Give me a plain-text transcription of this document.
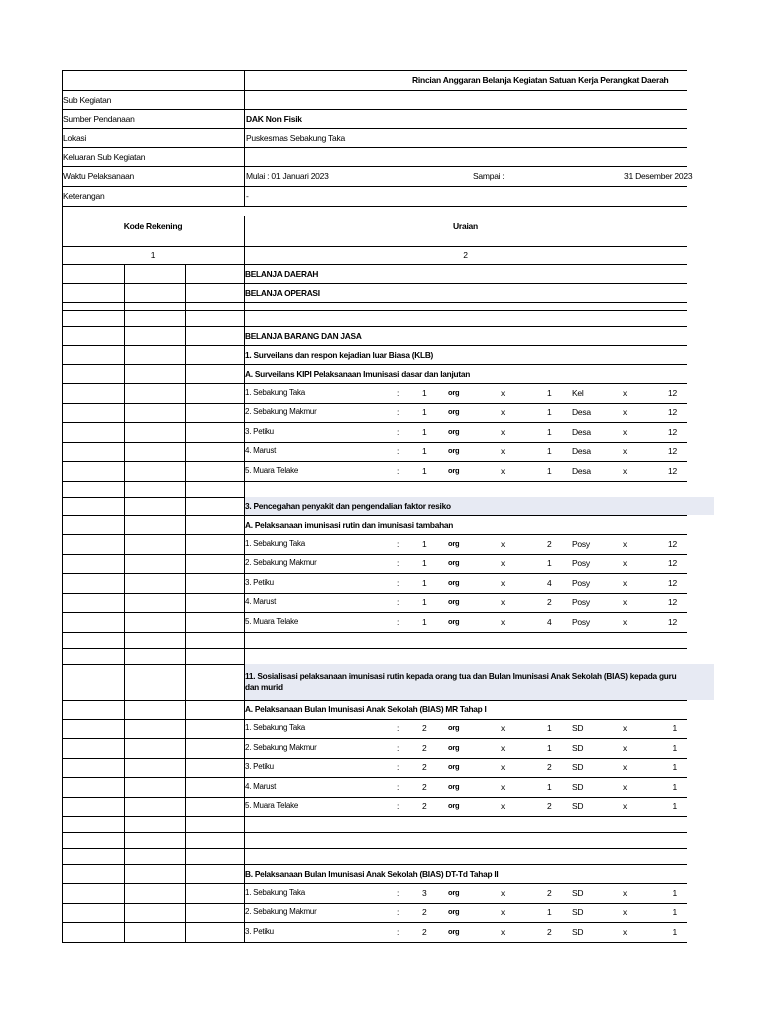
Rincian Anggaran Belanja Kegiatan Satuan Kerja Perangkat Daerah
Sub Kegiatan
Sumber Pendanaan	DAK Non Fisik
Lokasi	Puskesmas Sebakung Taka
Keluaran Sub Kegiatan
Waktu Pelaksanaan	Mulai : 01 Januari 2023	Sampai :	31 Desember 2023
Keterangan	-
Kode Rekening	Uraian
1	2
BELANJA DAERAH
BELANJA OPERASI
BELANJA BARANG DAN JASA
1. Surveilans dan respon kejadian luar Biasa (KLB)
A. Surveilans KIPI Pelaksanaan Imunisasi dasar dan lanjutan
1. Sebakung Taka	:	1	org	x	1 Kel	x	12
2. Sebakung Makmur	:	1	org	x	1 Desa	x	12
3. Petiku	:	1	org	x	1 Desa	x	12
4. Marust	:	1	org	x	1 Desa	x	12
5. Muara Telake	:	1	org	x	1 Desa	x	12
3. Pencegahan penyakit dan pengendalian faktor resiko
A. Pelaksanaan imunisasi rutin dan imunisasi tambahan
1. Sebakung Taka	:	1	org	x	2 Posy	x	12
2. Sebakung Makmur	:	1	org	x	1 Posy	x	12
3. Petiku	:	1	org	x	4 Posy	x	12
4. Marust	:	1	org	x	2 Posy	x	12
5. Muara Telake	:	1	org	x	4 Posy	x	12
11. Sosialisasi pelaksanaan imunisasi rutin kepada orang tua dan Bulan Imunisasi Anak Sekolah (BIAS) kepada guru dan murid
A. Pelaksanaan Bulan Imunisasi Anak Sekolah (BIAS) MR Tahap I
1. Sebakung Taka	:	2	org	x	1 SD	x	1
2. Sebakung Makmur	:	2	org	x	1 SD	x	1
3. Petiku	:	2	org	x	2 SD	x	1
4. Marust	:	2	org	x	1 SD	x	1
5. Muara Telake	:	2	org	x	2 SD	x	1
B. Pelaksanaan Bulan Imunisasi Anak Sekolah (BIAS) DT-Td Tahap II
1. Sebakung Taka	:	3	org	x	2 SD	x	1
2. Sebakung Makmur	:	2	org	x	1 SD	x	1
3. Petiku	:	2	org	x	2 SD	x	1
